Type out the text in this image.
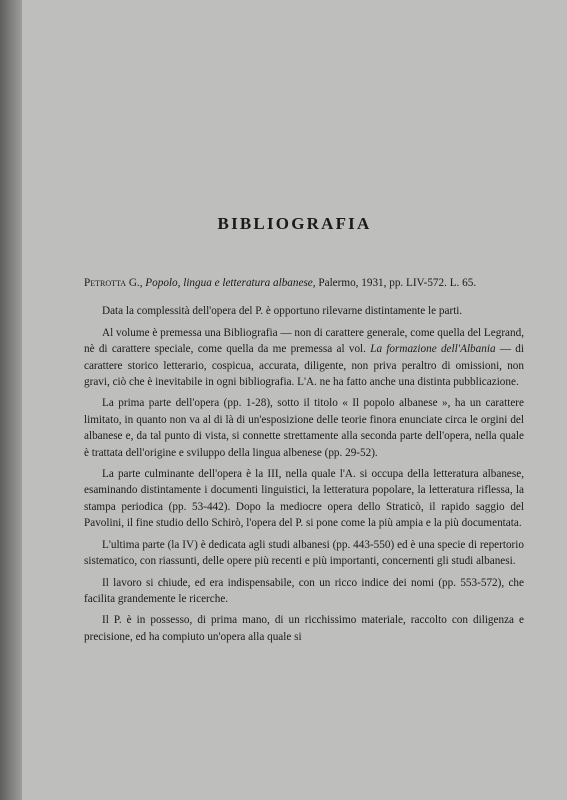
BIBLIOGRAFIA

Petrotta G., Popolo, lingua e letteratura albanese, Palermo, 1931, pp. LIV-572. L. 65.

Data la complessità dell'opera del P. è opportuno rilevarne distintamente le parti.

Al volume è premessa una Bibliografia — non di carattere generale, come quella del Legrand, nè di carattere speciale, come quella da me premessa al vol. La formazione dell'Albania — di carattere storico letterario, cospicua, accurata, diligente, non priva peraltro di omissioni, non gravi, ciò che è inevitabile in ogni bibliografia. L'A. ne ha fatto anche una distinta pubblicazione.

La prima parte dell'opera (pp. 1-28), sotto il titolo « Il popolo albanese », ha un carattere limitato, in quanto non va al di là di un'esposizione delle teorie finora enunciate circa le orgini del albanese e, da tal punto di vista, si connette strettamente alla seconda parte dell'opera, nella quale è trattata dell'origine e sviluppo della lingua albenese (pp. 29-52).

La parte culminante dell'opera è la III, nella quale l'A. si occupa della letteratura albanese, esaminando distintamente i documenti linguistici, la letteratura popolare, la letteratura riflessa, la stampa periodica (pp. 53-442). Dopo la mediocre opera dello Straticò, il rapido saggio del Pavolini, il fine studio dello Schirò, l'opera del P. si pone come la più ampia e la più documentata.

L'ultima parte (la IV) è dedicata agli studi albanesi (pp. 443-550) ed è una specie di repertorio sistematico, con riassunti, delle opere più recenti e più importanti, concernenti gli studi albanesi.

Il lavoro si chiude, ed era indispensabile, con un ricco indice dei nomi (pp. 553-572), che facilita grandemente le ricerche.

Il P. è in possesso, di prima mano, di un ricchissimo materiale, raccolto con diligenza e precisione, ed ha compiuto un'opera alla quale si
